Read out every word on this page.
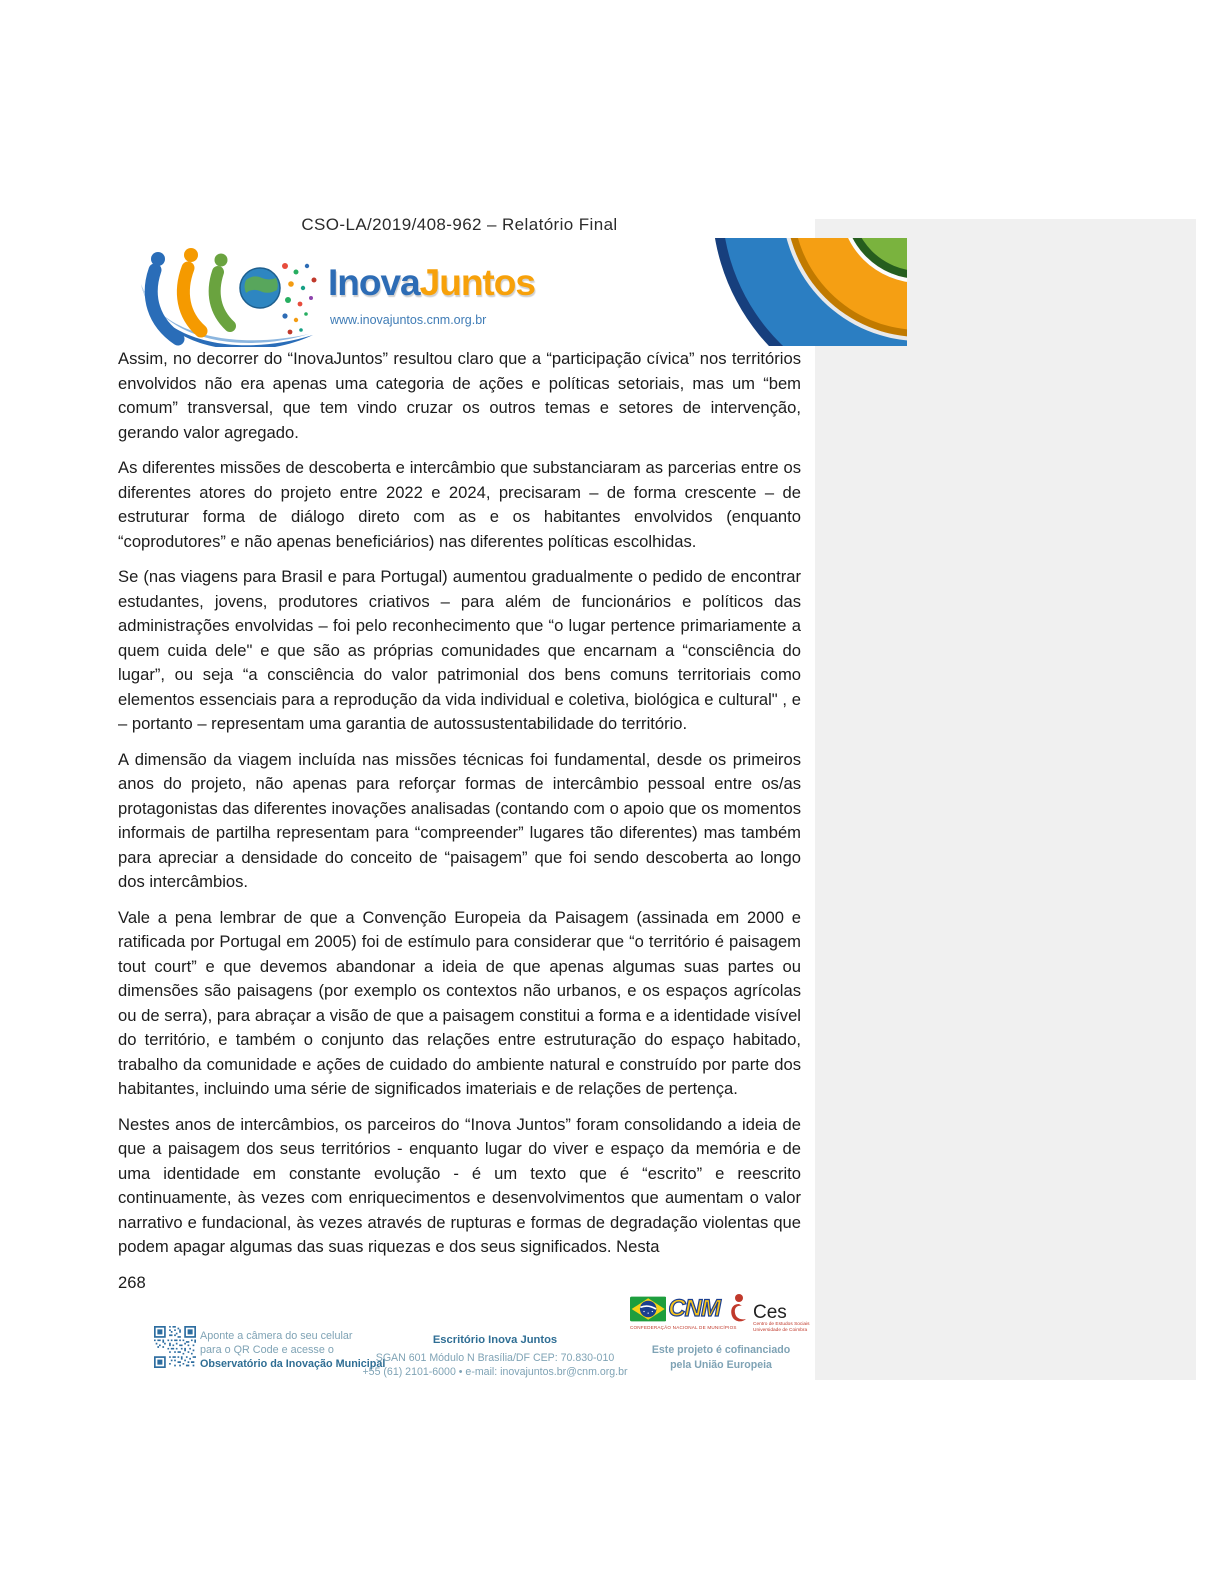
CSO-LA/2019/408-962 – Relatório Final
InovaJuntos
www.inovajuntos.cnm.org.br

Assim, no decorrer do “InovaJuntos” resultou claro que a “participação cívica” nos territórios envolvidos não era apenas uma categoria de ações e políticas setoriais, mas um “bem comum” transversal, que tem vindo cruzar os outros temas e setores de intervenção, gerando valor agregado.

As diferentes missões de descoberta e intercâmbio que substanciaram as parcerias entre os diferentes atores do projeto entre 2022 e 2024, precisaram – de forma crescente – de estruturar forma de diálogo direto com as e os habitantes envolvidos (enquanto “coprodutores” e não apenas beneficiários) nas diferentes políticas escolhidas.

Se (nas viagens para Brasil e para Portugal) aumentou gradualmente o pedido de encontrar estudantes, jovens, produtores criativos – para além de funcionários e políticos das administrações envolvidas – foi pelo reconhecimento que “o lugar pertence primariamente a quem cuida dele" e que são as próprias comunidades que encarnam a “consciência do lugar”, ou seja “a consciência do valor patrimonial dos bens comuns territoriais como elementos essenciais para a reprodução da vida individual e coletiva, biológica e cultural" , e – portanto – representam uma garantia de autossustentabilidade do território.

A dimensão da viagem incluída nas missões técnicas foi fundamental, desde os primeiros anos do projeto, não apenas para reforçar formas de intercâmbio pessoal entre os/as protagonistas das diferentes inovações analisadas (contando com o apoio que os momentos informais de partilha representam para “compreender” lugares tão diferentes) mas também para apreciar a densidade do conceito de “paisagem” que foi sendo descoberta ao longo dos intercâmbios.

Vale a pena lembrar de que a Convenção Europeia da Paisagem (assinada em 2000 e ratificada por Portugal em 2005) foi de estímulo para considerar que “o território é paisagem tout court” e que devemos abandonar a ideia de que apenas algumas suas partes ou dimensões são paisagens (por exemplo os contextos não urbanos, e os espaços agrícolas ou de serra), para abraçar a visão de que a paisagem constitui a forma e a identidade visível do território, e também o conjunto das relações entre estruturação do espaço habitado, trabalho da comunidade e ações de cuidado do ambiente natural e construído por parte dos habitantes, incluindo uma série de significados imateriais e de relações de pertença.

Nestes anos de intercâmbios, os parceiros do “Inova Juntos” foram consolidando a ideia de que a paisagem dos seus territórios - enquanto lugar do viver e espaço da memória e de uma identidade em constante evolução - é um texto que é “escrito” e reescrito continuamente, às vezes com enriquecimentos e desenvolvimentos que aumentam o valor narrativo e fundacional, às vezes através de rupturas e formas de degradação violentas que podem apagar algumas das suas riquezas e dos seus significados. Nesta

268
Aponte a câmera do seu celular
para o QR Code e acesse o
Observatório da Inovação Municipal
Escritório Inova Juntos
SGAN 601 Módulo N Brasília/DF CEP: 70.830-010
+55 (61) 2101-6000 • e-mail: inovajuntos.br@cnm.org.br
CNM
CONFEDERAÇÃO NACIONAL DE MUNICÍPIOS
Ces
Centro de Estudos Sociais
Universidade de Coimbra
Este projeto é cofinanciado
pela União Europeia
